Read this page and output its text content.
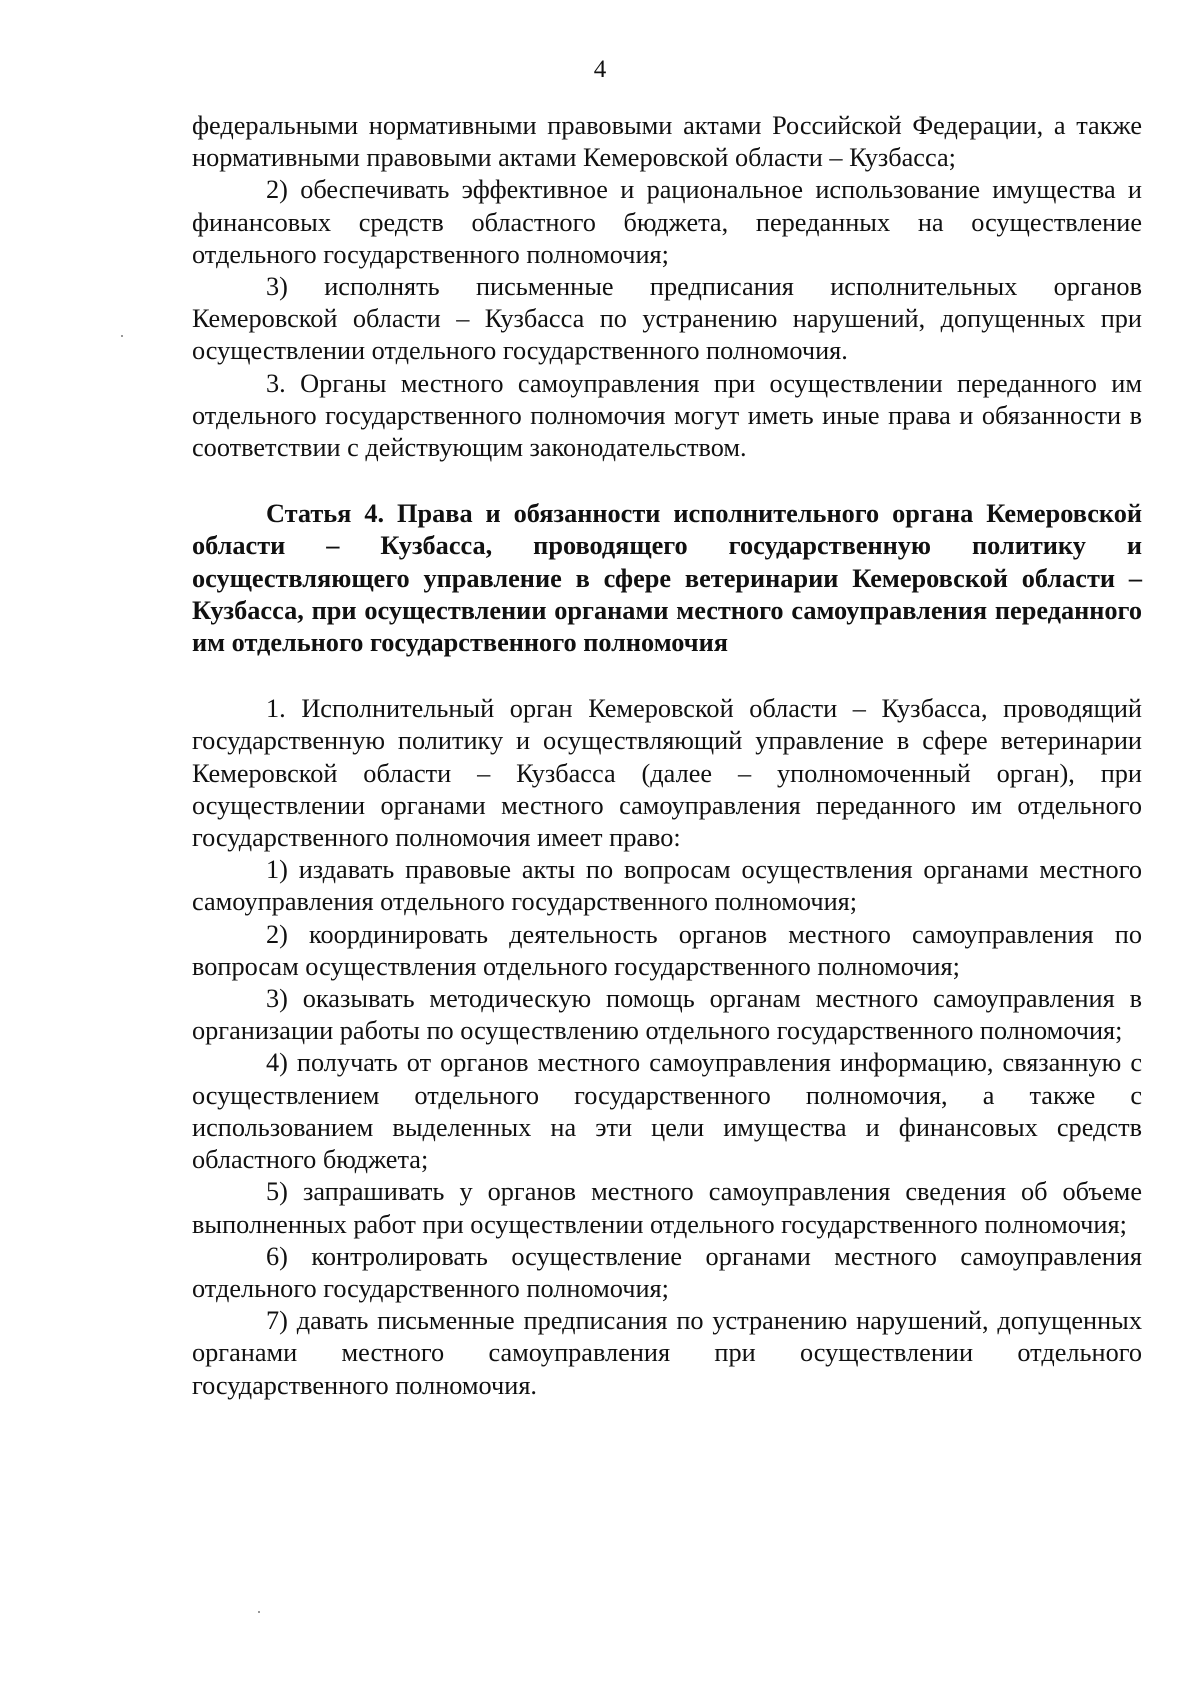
4

федеральными нормативными правовыми актами Российской Федерации, а также нормативными правовыми актами Кемеровской области – Кузбасса;

2) обеспечивать эффективное и рациональное использование имущества и финансовых средств областного бюджета, переданных на осуществление отдельного государственного полномочия;

3) исполнять письменные предписания исполнительных органов Кемеровской области – Кузбасса по устранению нарушений, допущенных при осуществлении отдельного государственного полномочия.

3. Органы местного самоуправления при осуществлении переданного им отдельного государственного полномочия могут иметь иные права и обязанности в соответствии с действующим законодательством.

Статья 4. Права и обязанности исполнительного органа Кемеровской области – Кузбасса, проводящего государственную политику и осуществляющего управление в сфере ветеринарии Кемеровской области – Кузбасса, при осуществлении органами местного самоуправления переданного им отдельного государственного полномочия

1. Исполнительный орган Кемеровской области – Кузбасса, проводящий государственную политику и осуществляющий управление в сфере ветеринарии Кемеровской области – Кузбасса (далее – уполномоченный орган), при осуществлении органами местного самоуправления переданного им отдельного государственного полномочия имеет право:

1) издавать правовые акты по вопросам осуществления органами местного самоуправления отдельного государственного полномочия;

2) координировать деятельность органов местного самоуправления по вопросам осуществления отдельного государственного полномочия;

3) оказывать методическую помощь органам местного самоуправления в организации работы по осуществлению отдельного государственного полномочия;

4) получать от органов местного самоуправления информацию, связанную с осуществлением отдельного государственного полномочия, а также с использованием выделенных на эти цели имущества и финансовых средств областного бюджета;

5) запрашивать у органов местного самоуправления сведения об объеме выполненных работ при осуществлении отдельного государственного полномочия;

6) контролировать осуществление органами местного самоуправления отдельного государственного полномочия;

7) давать письменные предписания по устранению нарушений, допущенных органами местного самоуправления при осуществлении отдельного государственного полномочия.
